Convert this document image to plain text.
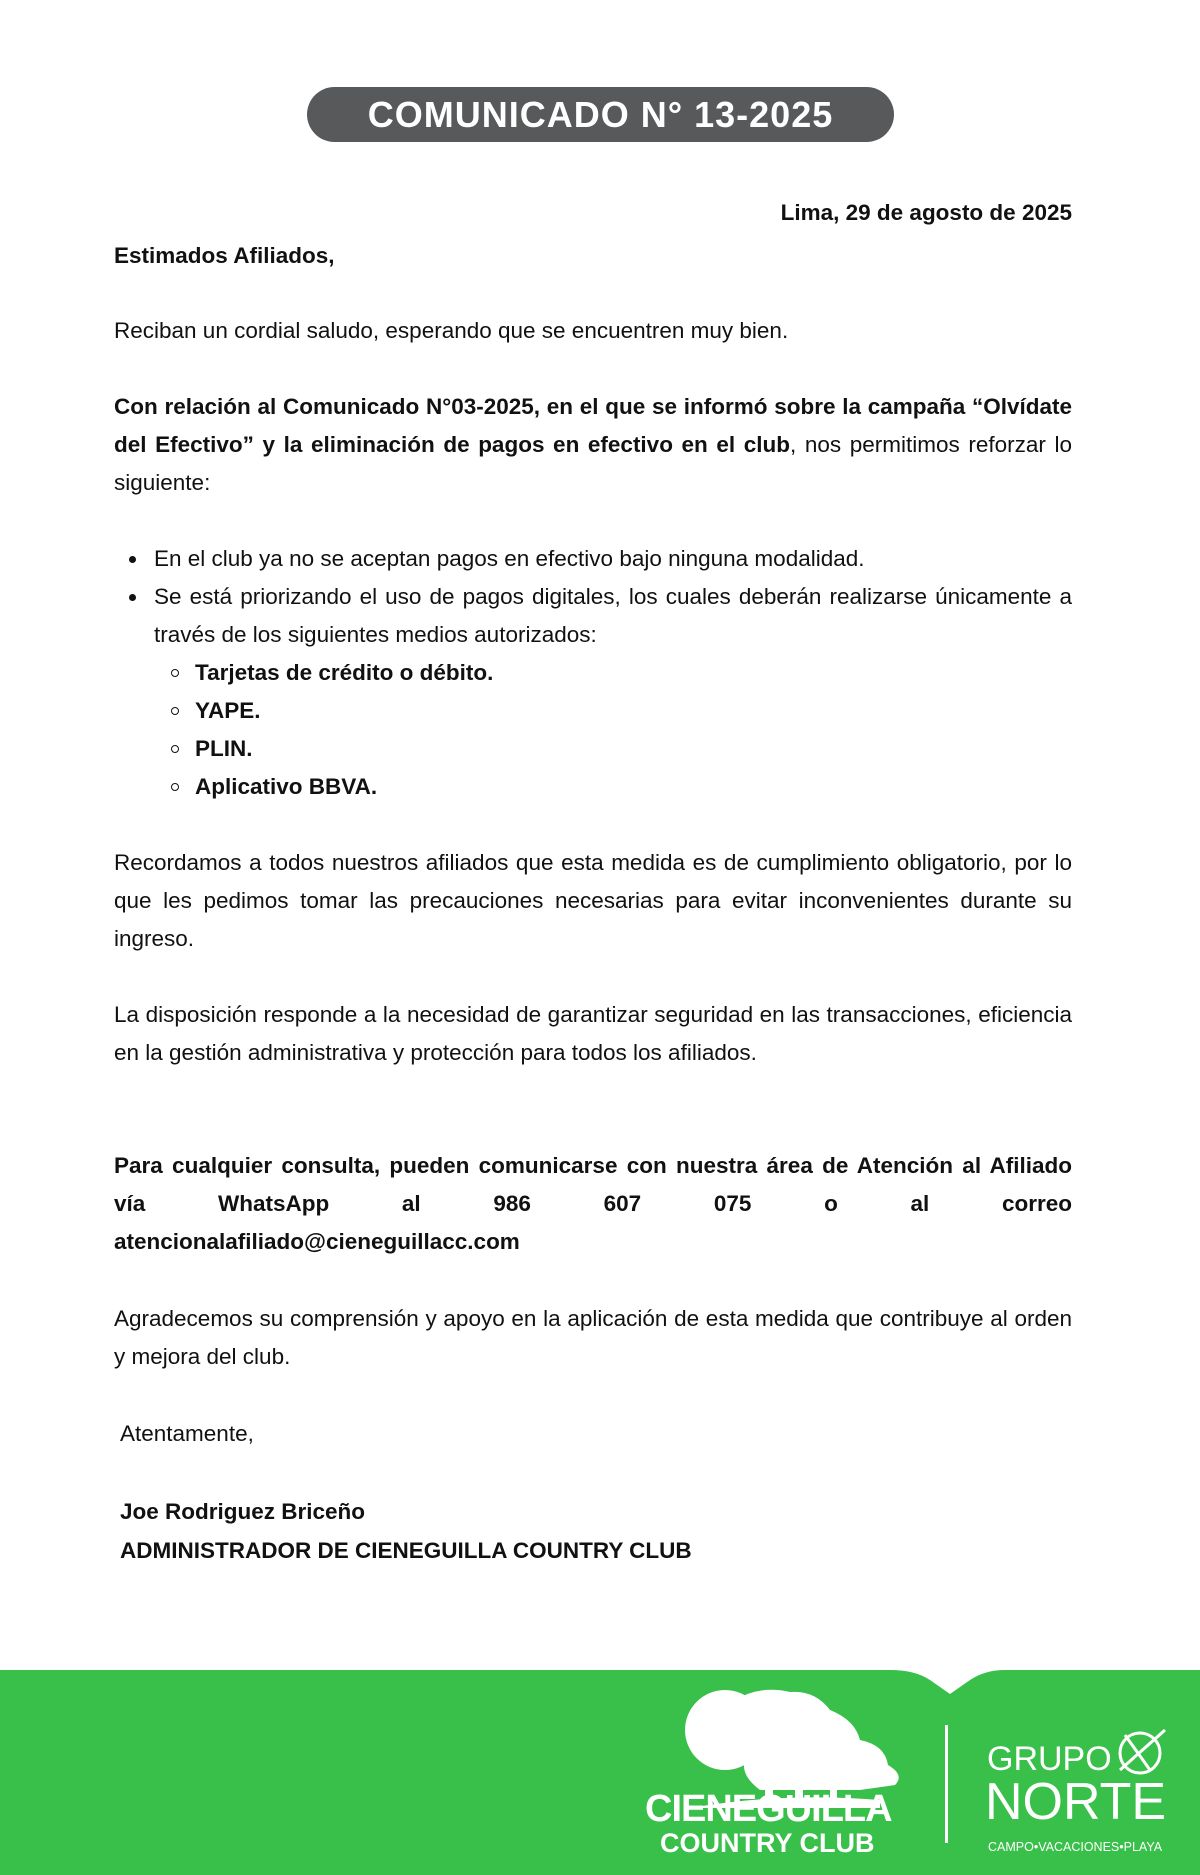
COMUNICADO N° 13-2025
Lima, 29 de agosto de 2025
Estimados Afiliados,
Reciban un cordial saludo, esperando que se encuentren muy bien.
Con relación al Comunicado N°03-2025, en el que se informó sobre la campaña “Olvídate del Efectivo” y la eliminación de pagos en efectivo en el club, nos permitimos reforzar lo siguiente:
En el club ya no se aceptan pagos en efectivo bajo ninguna modalidad.
Se está priorizando el uso de pagos digitales, los cuales deberán realizarse únicamente a través de los siguientes medios autorizados:
Tarjetas de crédito o débito.
YAPE.
PLIN.
Aplicativo BBVA.
Recordamos a todos nuestros afiliados que esta medida es de cumplimiento obligatorio, por lo que les pedimos tomar las precauciones necesarias para evitar inconvenientes durante su ingreso.
La disposición responde a la necesidad de garantizar seguridad en las transacciones, eficiencia en la gestión administrativa y protección para todos los afiliados.
Para cualquier consulta, pueden comunicarse con nuestra área de Atención al Afiliado vía WhatsApp al 986 607 075 o al correo
atencionalafiliado@cieneguillacc.com
Agradecemos su comprensión y apoyo en la aplicación de esta medida que contribuye al orden y mejora del club.
Atentamente,
Joe Rodriguez Briceño
ADMINISTRADOR DE CIENEGUILLA COUNTRY CLUB
CIENEGUILLA
COUNTRY CLUB
GRUPO
NORTE
CAMPO•VACACIONES•PLAYA
